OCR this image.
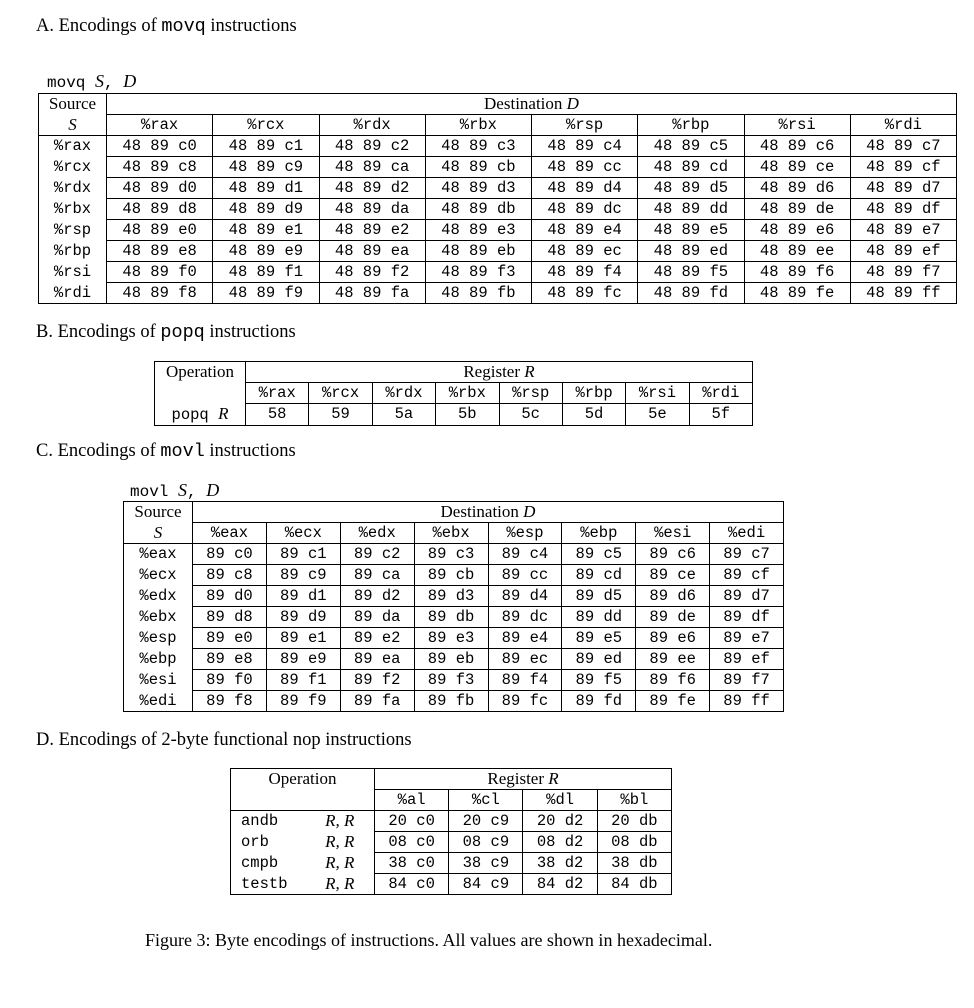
A. Encodings of movq instructions
movq S, D
Source	Destination D							
S	%rax	%rcx	%rdx	%rbx	%rsp	%rbp	%rsi	%rdi
%rax	48 89 c0	48 89 c1	48 89 c2	48 89 c3	48 89 c4	48 89 c5	48 89 c6	48 89 c7
%rcx	48 89 c8	48 89 c9	48 89 ca	48 89 cb	48 89 cc	48 89 cd	48 89 ce	48 89 cf
%rdx	48 89 d0	48 89 d1	48 89 d2	48 89 d3	48 89 d4	48 89 d5	48 89 d6	48 89 d7
%rbx	48 89 d8	48 89 d9	48 89 da	48 89 db	48 89 dc	48 89 dd	48 89 de	48 89 df
%rsp	48 89 e0	48 89 e1	48 89 e2	48 89 e3	48 89 e4	48 89 e5	48 89 e6	48 89 e7
%rbp	48 89 e8	48 89 e9	48 89 ea	48 89 eb	48 89 ec	48 89 ed	48 89 ee	48 89 ef
%rsi	48 89 f0	48 89 f1	48 89 f2	48 89 f3	48 89 f4	48 89 f5	48 89 f6	48 89 f7
%rdi	48 89 f8	48 89 f9	48 89 fa	48 89 fb	48 89 fc	48 89 fd	48 89 fe	48 89 ff
B. Encodings of popq instructions
Operation	Register R							
	%rax	%rcx	%rdx	%rbx	%rsp	%rbp	%rsi	%rdi
popq R	58	59	5a	5b	5c	5d	5e	5f
C. Encodings of movl instructions
movl S, D
Source	Destination D							
S	%eax	%ecx	%edx	%ebx	%esp	%ebp	%esi	%edi
%eax	89 c0	89 c1	89 c2	89 c3	89 c4	89 c5	89 c6	89 c7
%ecx	89 c8	89 c9	89 ca	89 cb	89 cc	89 cd	89 ce	89 cf
%edx	89 d0	89 d1	89 d2	89 d3	89 d4	89 d5	89 d6	89 d7
%ebx	89 d8	89 d9	89 da	89 db	89 dc	89 dd	89 de	89 df
%esp	89 e0	89 e1	89 e2	89 e3	89 e4	89 e5	89 e6	89 e7
%ebp	89 e8	89 e9	89 ea	89 eb	89 ec	89 ed	89 ee	89 ef
%esi	89 f0	89 f1	89 f2	89 f3	89 f4	89 f5	89 f6	89 f7
%edi	89 f8	89 f9	89 fa	89 fb	89 fc	89 fd	89 fe	89 ff
D. Encodings of 2-byte functional nop instructions
Operation		Register R			
		%al	%cl	%dl	%bl
andb	R, R	20 c0	20 c9	20 d2	20 db
orb	R, R	08 c0	08 c9	08 d2	08 db
cmpb	R, R	38 c0	38 c9	38 d2	38 db
testb	R, R	84 c0	84 c9	84 d2	84 db
Figure 3: Byte encodings of instructions. All values are shown in hexadecimal.
